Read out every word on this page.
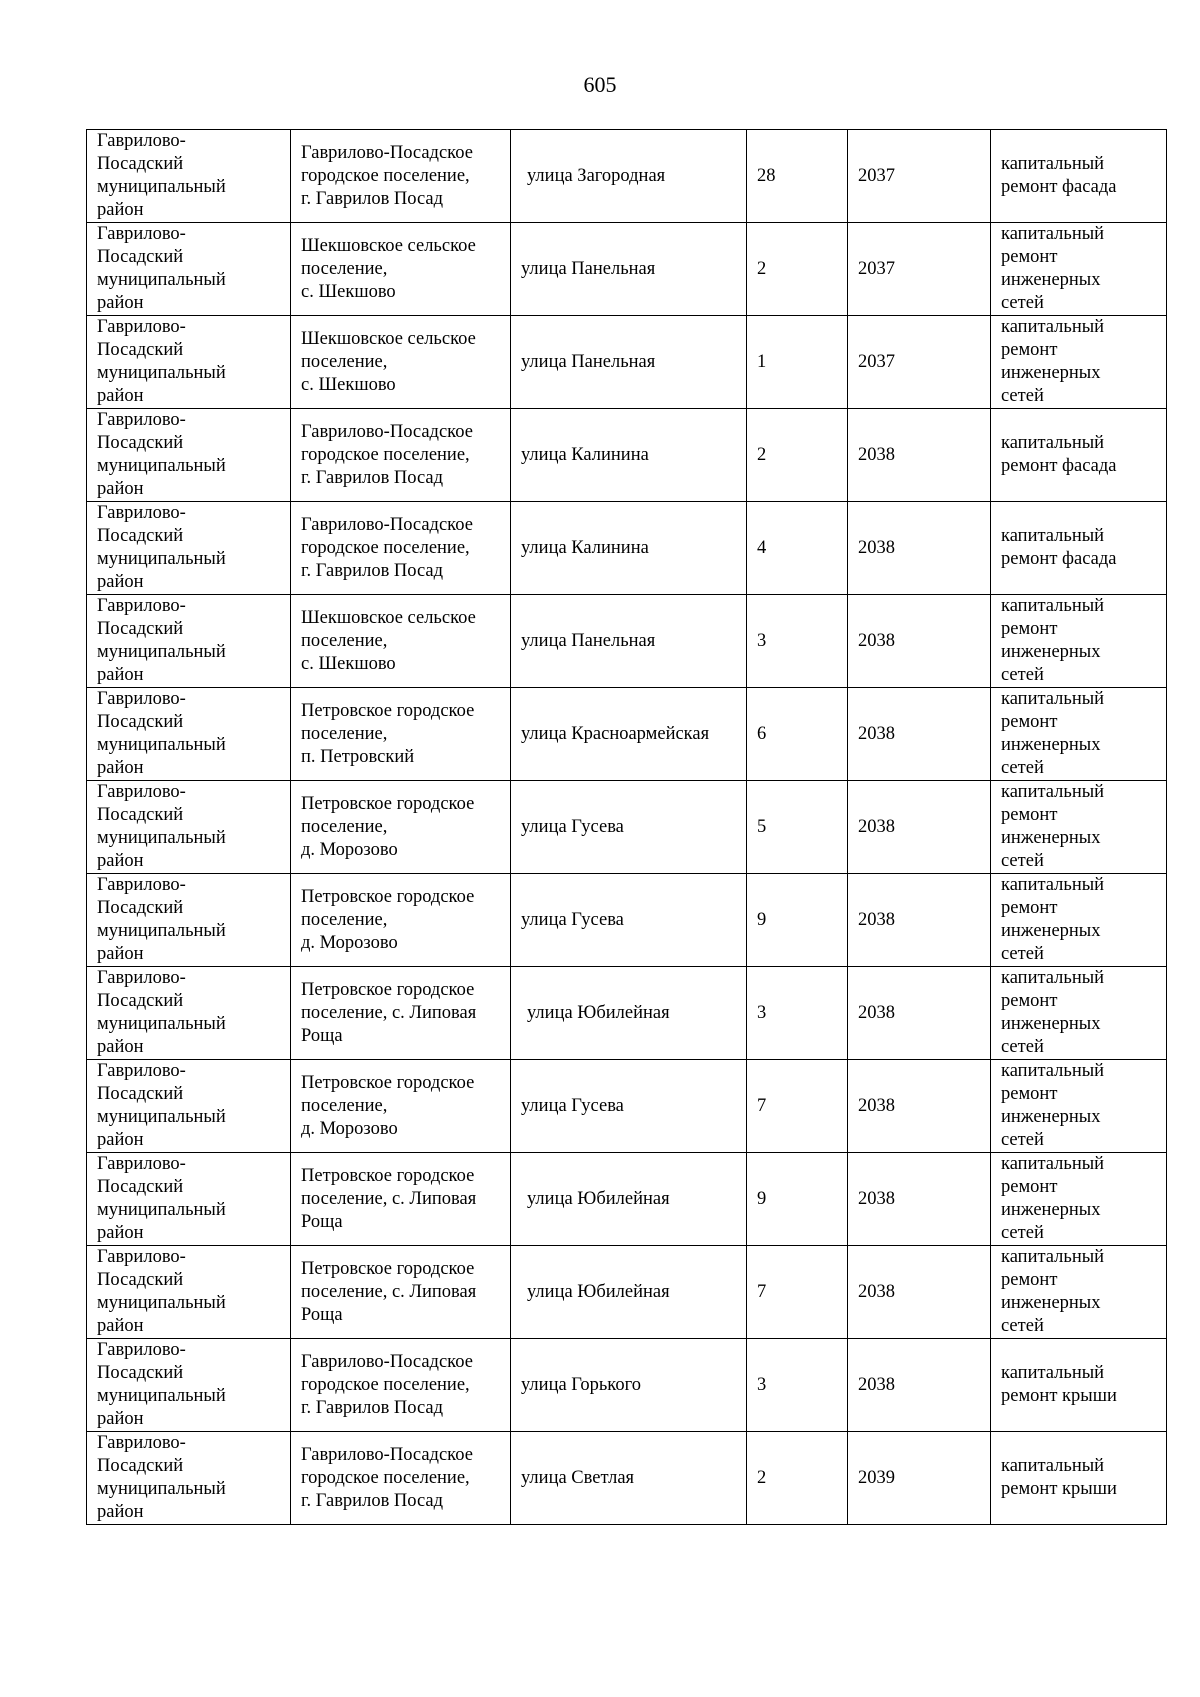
605
Гаврилово-
Посадский
муниципальный
район	Гаврилово-Посадское
городское поселение,
г. Гаврилов Посад	улица Загородная	28	2037	капитальный
ремонт фасада
Гаврилово-
Посадский
муниципальный
район	Шекшовское сельское
поселение,
с. Шекшово	улица Панельная	2	2037	капитальный
ремонт
инженерных
сетей
Гаврилово-
Посадский
муниципальный
район	Шекшовское сельское
поселение,
с. Шекшово	улица Панельная	1	2037	капитальный
ремонт
инженерных
сетей
Гаврилово-
Посадский
муниципальный
район	Гаврилово-Посадское
городское поселение,
г. Гаврилов Посад	улица Калинина	2	2038	капитальный
ремонт фасада
Гаврилово-
Посадский
муниципальный
район	Гаврилово-Посадское
городское поселение,
г. Гаврилов Посад	улица Калинина	4	2038	капитальный
ремонт фасада
Гаврилово-
Посадский
муниципальный
район	Шекшовское сельское
поселение,
с. Шекшово	улица Панельная	3	2038	капитальный
ремонт
инженерных
сетей
Гаврилово-
Посадский
муниципальный
район	Петровское городское
поселение,
п. Петровский	улица Красноармейская	6	2038	капитальный
ремонт
инженерных
сетей
Гаврилово-
Посадский
муниципальный
район	Петровское городское
поселение,
д. Морозово	улица Гусева	5	2038	капитальный
ремонт
инженерных
сетей
Гаврилово-
Посадский
муниципальный
район	Петровское городское
поселение,
д. Морозово	улица Гусева	9	2038	капитальный
ремонт
инженерных
сетей
Гаврилово-
Посадский
муниципальный
район	Петровское городское
поселение, с. Липовая
Роща	улица Юбилейная	3	2038	капитальный
ремонт
инженерных
сетей
Гаврилово-
Посадский
муниципальный
район	Петровское городское
поселение,
д. Морозово	улица Гусева	7	2038	капитальный
ремонт
инженерных
сетей
Гаврилово-
Посадский
муниципальный
район	Петровское городское
поселение, с. Липовая
Роща	улица Юбилейная	9	2038	капитальный
ремонт
инженерных
сетей
Гаврилово-
Посадский
муниципальный
район	Петровское городское
поселение, с. Липовая
Роща	улица Юбилейная	7	2038	капитальный
ремонт
инженерных
сетей
Гаврилово-
Посадский
муниципальный
район	Гаврилово-Посадское
городское поселение,
г. Гаврилов Посад	улица Горького	3	2038	капитальный
ремонт крыши
Гаврилово-
Посадский
муниципальный
район	Гаврилово-Посадское
городское поселение,
г. Гаврилов Посад	улица Светлая	2	2039	капитальный
ремонт крыши
